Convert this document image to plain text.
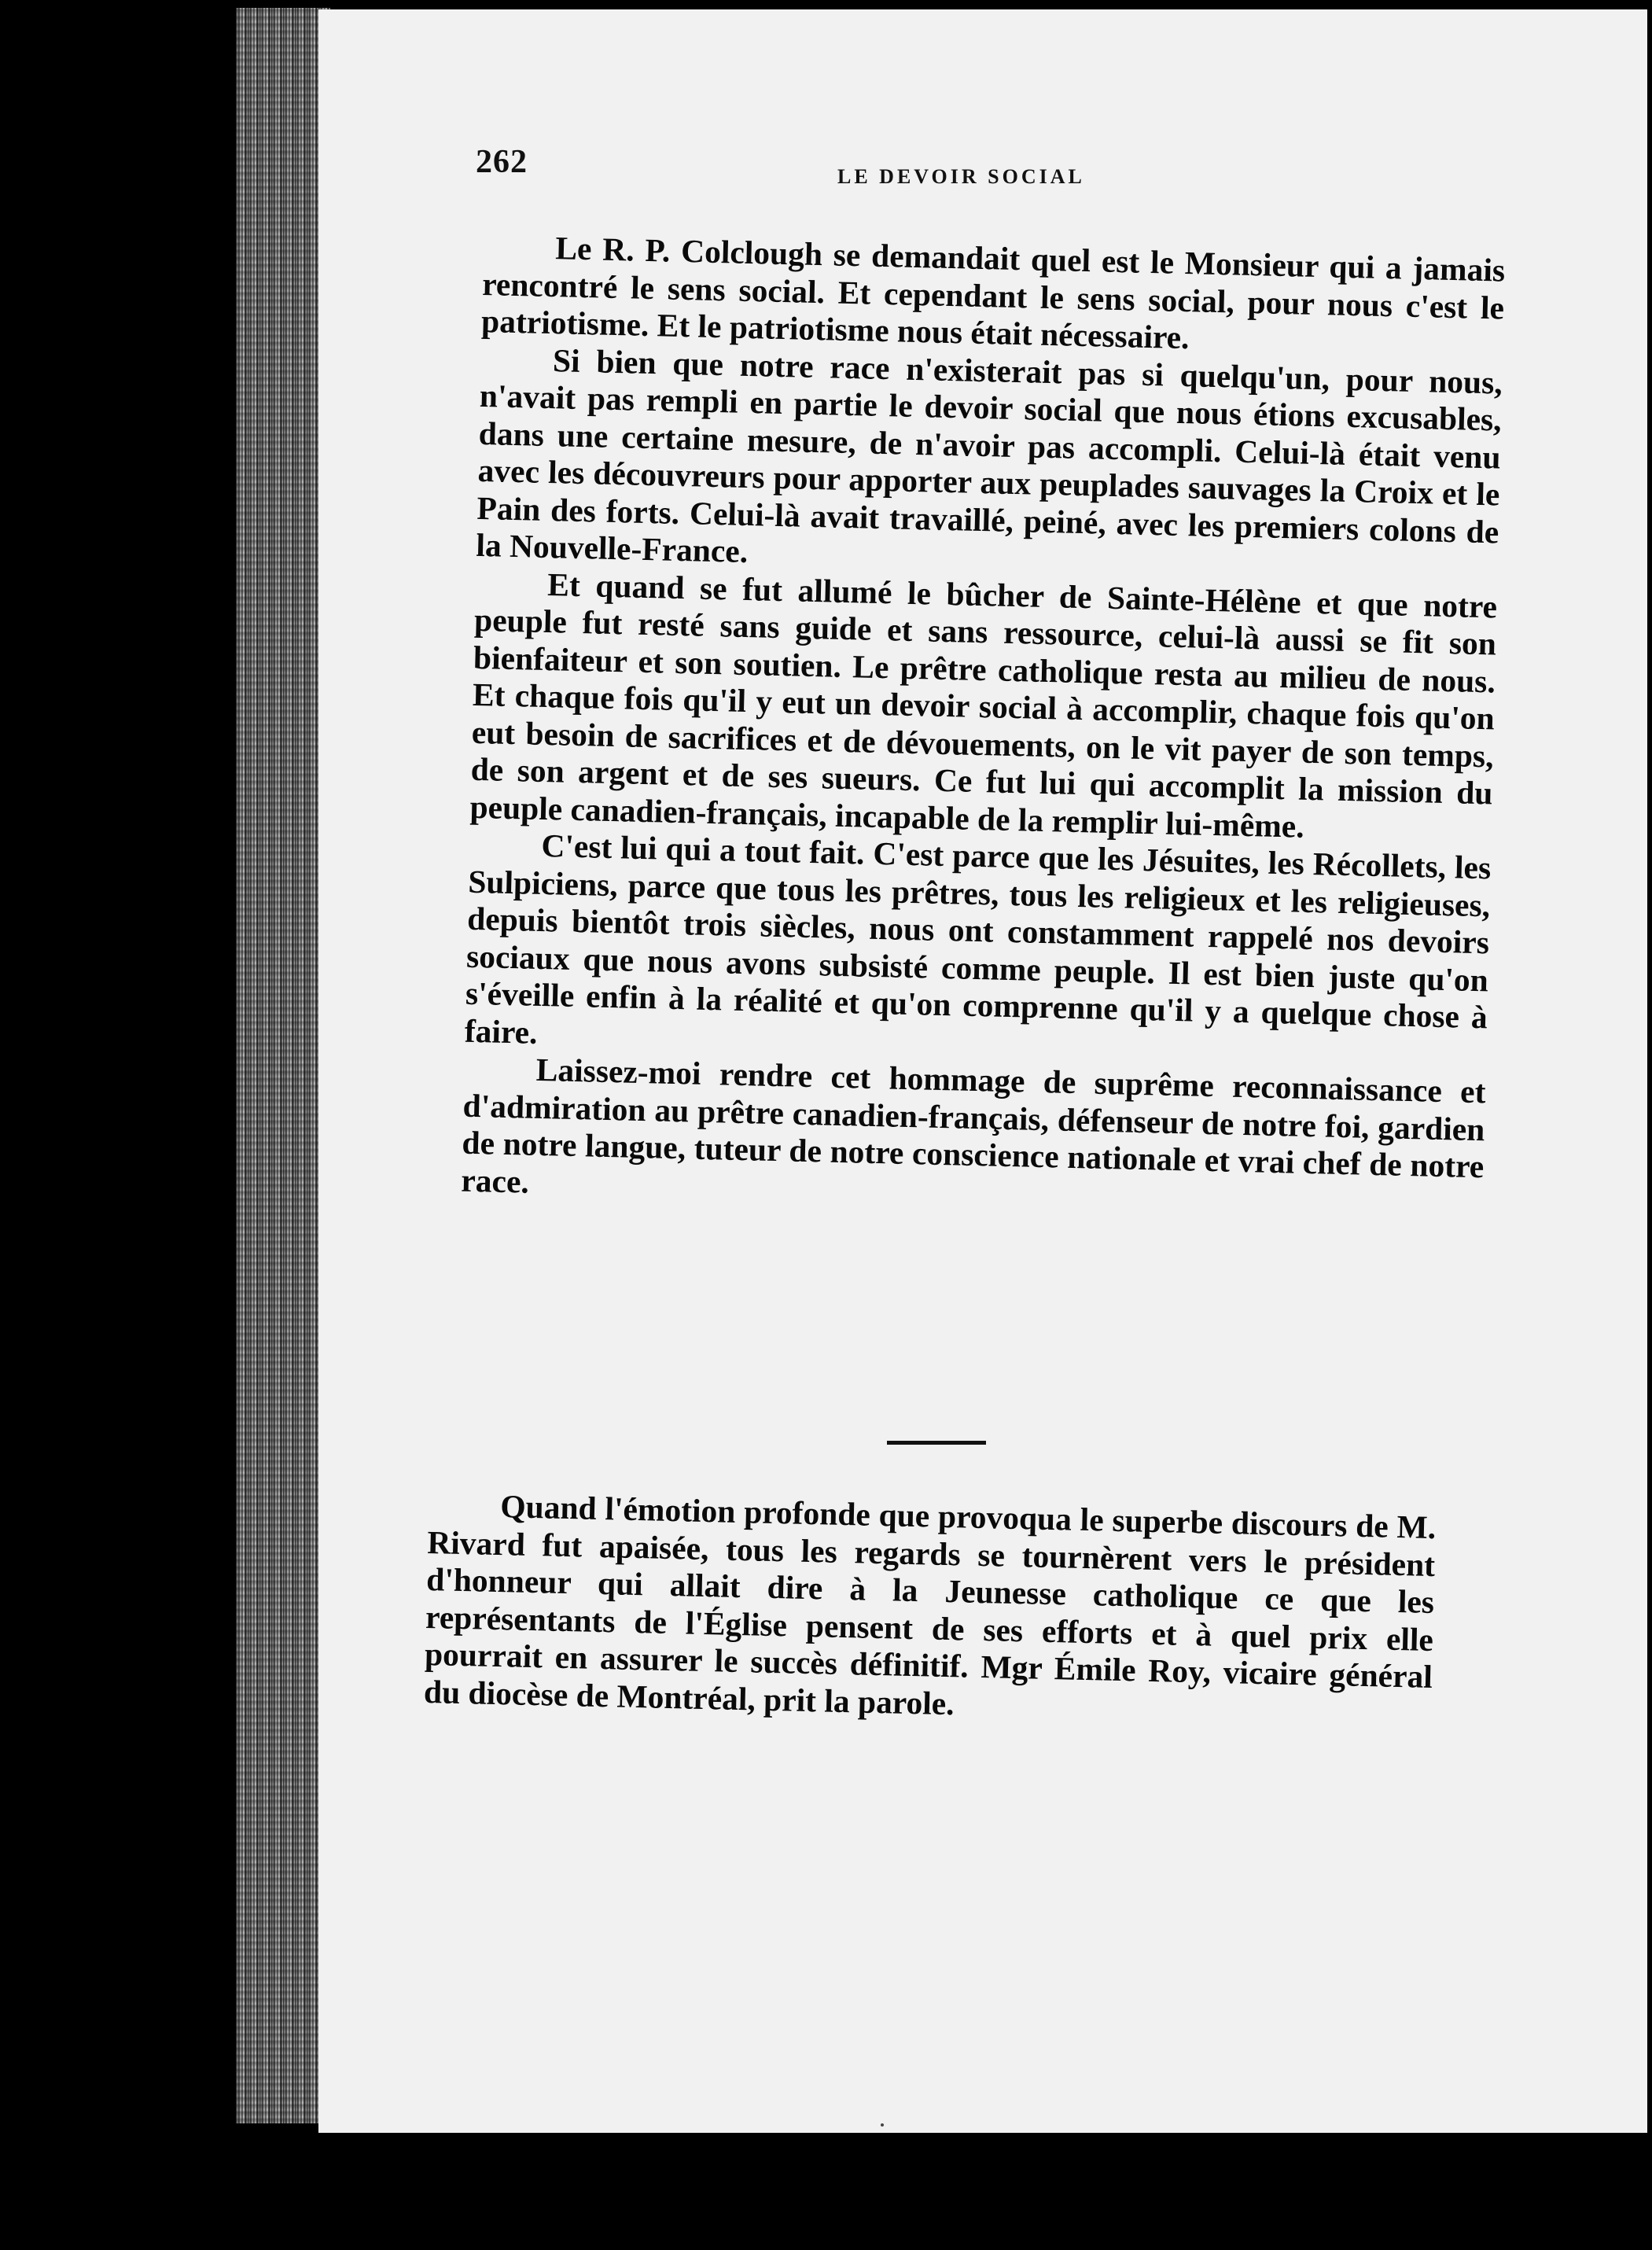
262	LE DEVOIR SOCIAL

Le R. P. Colclough se demandait quel est le Monsieur qui a jamais rencontré le sens social. Et cependant le sens social, pour nous c'est le patriotisme. Et le patriotisme nous était nécessaire.

Si bien que notre race n'existerait pas si quelqu'un, pour nous, n'avait pas rempli en partie le devoir social que nous étions excusables, dans une certaine mesure, de n'avoir pas accompli. Celui-là était venu avec les découvreurs pour apporter aux peuplades sauvages la Croix et le Pain des forts. Celui-là avait travaillé, peiné, avec les premiers colons de la Nouvelle-France.

Et quand se fut allumé le bûcher de Sainte-Hélène et que notre peuple fut resté sans guide et sans ressource, celui-là aussi se fit son bienfaiteur et son soutien. Le prêtre catholique resta au milieu de nous. Et chaque fois qu'il y eut un devoir social à accomplir, chaque fois qu'on eut besoin de sacrifices et de dévouements, on le vit payer de son temps, de son argent et de ses sueurs. Ce fut lui qui accomplit la mission du peuple canadien-français, incapable de la remplir lui-même.

C'est lui qui a tout fait. C'est parce que les Jésuites, les Récollets, les Sulpiciens, parce que tous les prêtres, tous les religieux et les religieuses, depuis bientôt trois siècles, nous ont constamment rappelé nos devoirs sociaux que nous avons subsisté comme peuple. Il est bien juste qu'on s'éveille enfin à la réalité et qu'on comprenne qu'il y a quelque chose à faire.

Laissez-moi rendre cet hommage de suprême reconnaissance et d'admiration au prêtre canadien-français, défenseur de notre foi, gardien de notre langue, tuteur de notre conscience nationale et vrai chef de notre race.

Quand l'émotion profonde que provoqua le superbe discours de M. Rivard fut apaisée, tous les regards se tournèrent vers le président d'honneur qui allait dire à la Jeunesse catholique ce que les représentants de l'Église pensent de ses efforts et à quel prix elle pourrait en assurer le succès définitif. Mgr Émile Roy, vicaire général du diocèse de Montréal, prit la parole.
